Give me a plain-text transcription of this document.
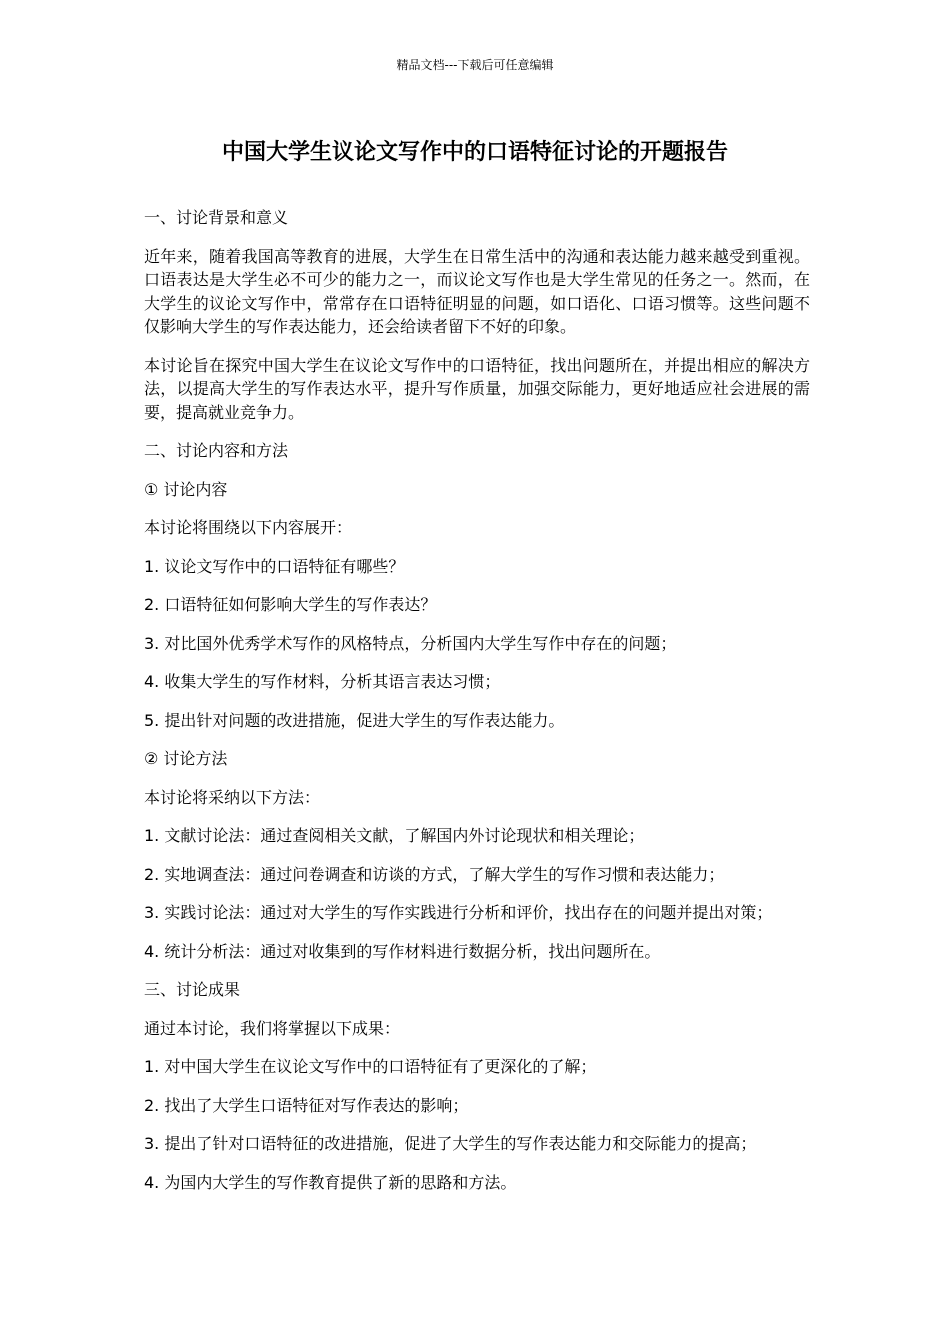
精品文档---下载后可任意编辑
中国大学生议论文写作中的口语特征讨论的开题报告

一、讨论背景和意义

近年来，随着我国高等教育的进展，大学生在日常生活中的沟通和表达能力越来越受到重视。口语表达是大学生必不可少的能力之一，而议论文写作也是大学生常见的任务之一。然而，在大学生的议论文写作中，常常存在口语特征明显的问题，如口语化、口语习惯等。这些问题不仅影响大学生的写作表达能力，还会给读者留下不好的印象。

本讨论旨在探究中国大学生在议论文写作中的口语特征，找出问题所在，并提出相应的解决方法，以提高大学生的写作表达水平，提升写作质量，加强交际能力，更好地适应社会进展的需要，提高就业竞争力。

二、讨论内容和方法

① 讨论内容

本讨论将围绕以下内容展开：

1. 议论文写作中的口语特征有哪些？

2. 口语特征如何影响大学生的写作表达？

3. 对比国外优秀学术写作的风格特点，分析国内大学生写作中存在的问题；

4. 收集大学生的写作材料，分析其语言表达习惯；

5. 提出针对问题的改进措施，促进大学生的写作表达能力。

② 讨论方法

本讨论将采纳以下方法：

1. 文献讨论法：通过查阅相关文献，了解国内外讨论现状和相关理论；

2. 实地调查法：通过问卷调查和访谈的方式，了解大学生的写作习惯和表达能力；

3. 实践讨论法：通过对大学生的写作实践进行分析和评价，找出存在的问题并提出对策；

4. 统计分析法：通过对收集到的写作材料进行数据分析，找出问题所在。

三、讨论成果

通过本讨论，我们将掌握以下成果：

1. 对中国大学生在议论文写作中的口语特征有了更深化的了解；

2. 找出了大学生口语特征对写作表达的影响；

3. 提出了针对口语特征的改进措施，促进了大学生的写作表达能力和交际能力的提高；

4. 为国内大学生的写作教育提供了新的思路和方法。
